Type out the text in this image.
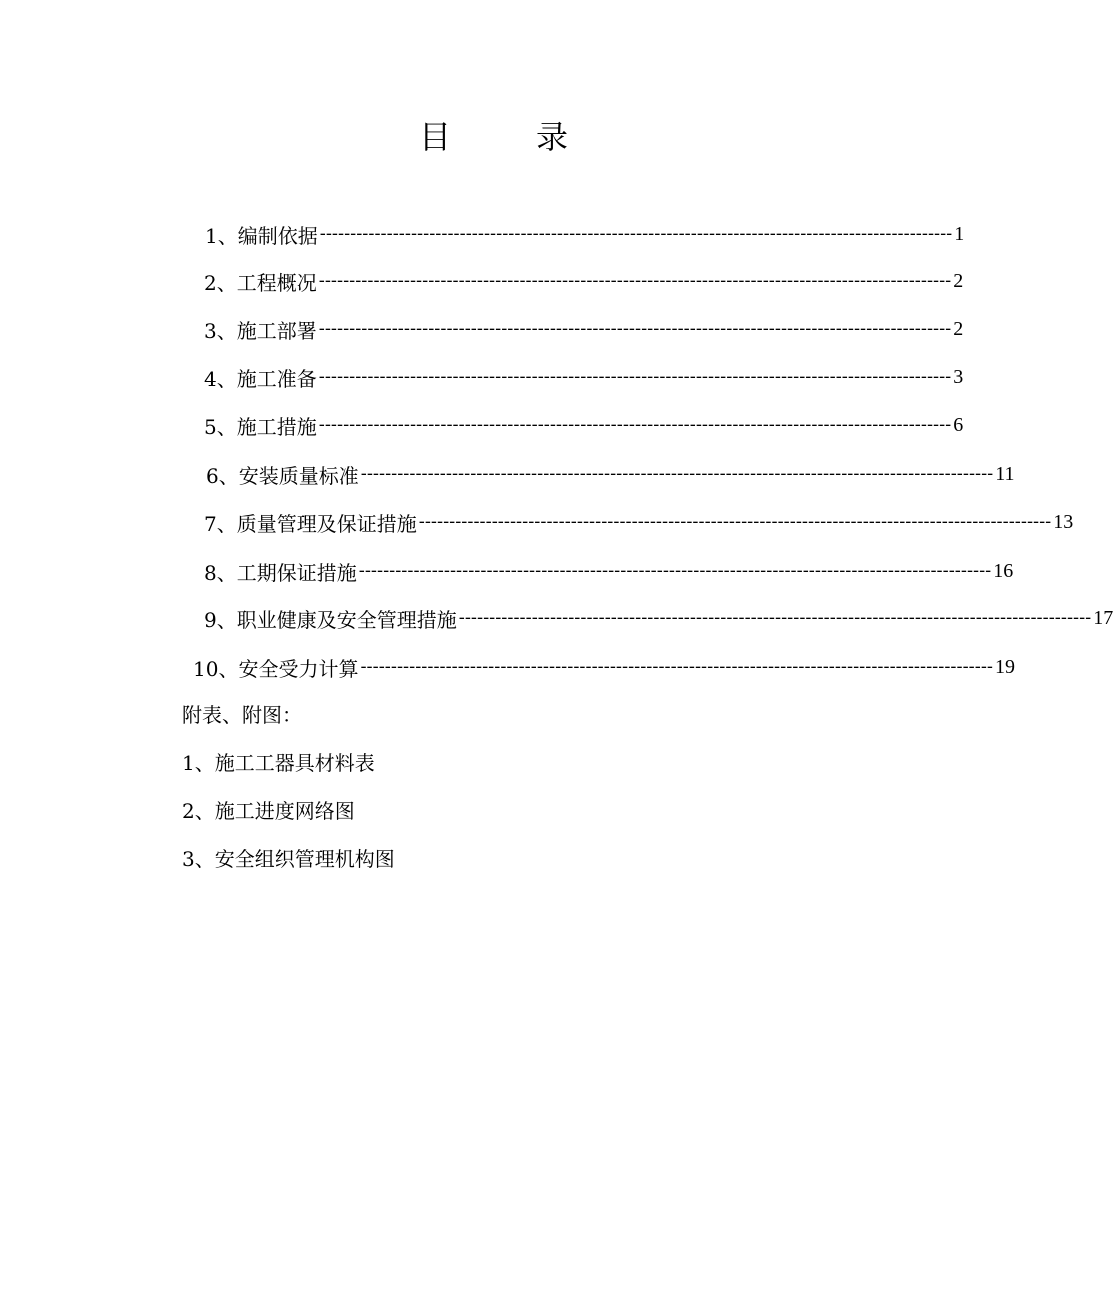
目	录
1、编制依据 -------------------------------------------------------------------------------------------------------- 1
2、工程概况 -------------------------------------------------------------------------------------------------------- 2
3、施工部署 -------------------------------------------------------------------------------------------------------- 2
4、施工准备 -------------------------------------------------------------------------------------------------------- 3
5、施工措施 -------------------------------------------------------------------------------------------------------- 6
6、安装质量标准 -------------------------------------------------------------------------------------------------------- 11
7、质量管理及保证措施 -------------------------------------------------------------------------------------------------------- 13
8、工期保证措施 -------------------------------------------------------------------------------------------------------- 16
9、职业健康及安全管理措施 -------------------------------------------------------------------------------------------------------- 17
10、安全受力计算 -------------------------------------------------------------------------------------------------------- 19
附表、附图：
1、施工工器具材料表
2、施工进度网络图
3、安全组织管理机构图
